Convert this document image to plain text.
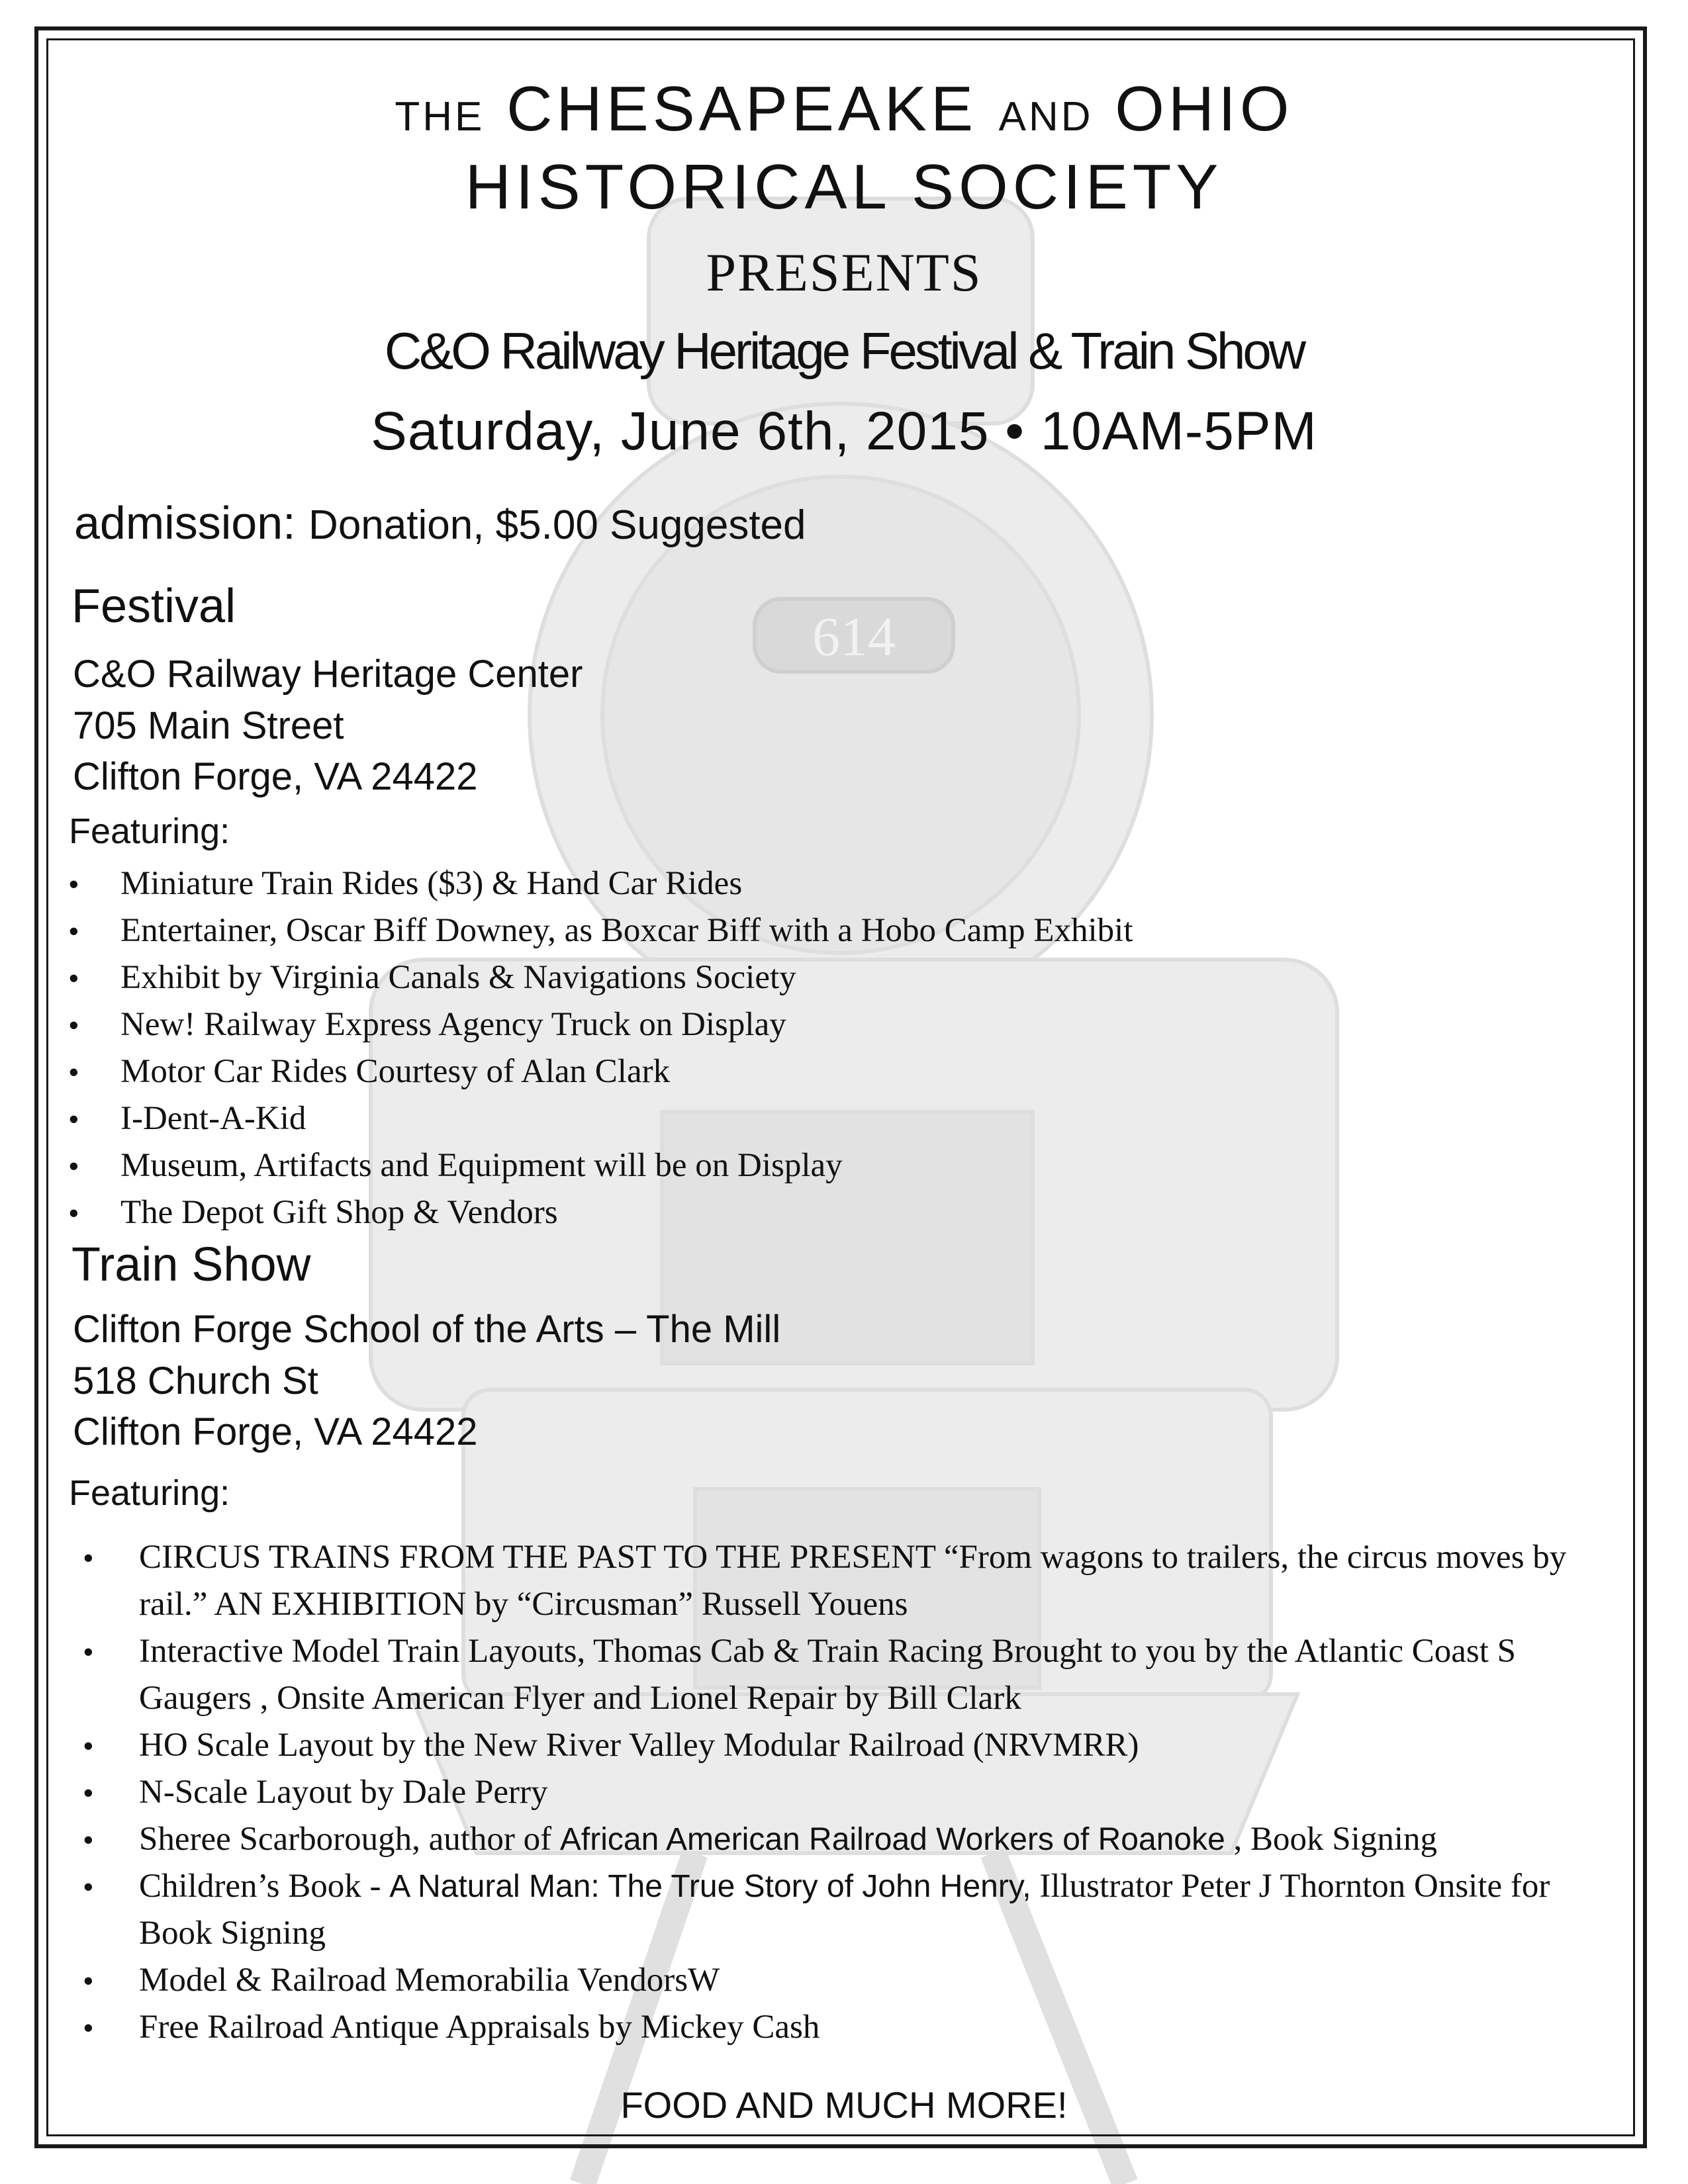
614
THE CHESAPEAKE AND OHIO
HISTORICAL SOCIETY
PRESENTS
C&O Railway Heritage Festival & Train Show
Saturday, June 6th, 2015 • 10AM-5PM
admission: Donation, $5.00 Suggested
Festival
C&O Railway Heritage Center
705 Main Street
Clifton Forge, VA 24422
Featuring:
• Miniature Train Rides ($3) & Hand Car Rides
• Entertainer, Oscar Biff Downey, as Boxcar Biff with a Hobo Camp Exhibit
• Exhibit by Virginia Canals & Navigations Society
• New! Railway Express Agency Truck on Display
• Motor Car Rides Courtesy of Alan Clark
• I-Dent-A-Kid
• Museum, Artifacts and Equipment will be on Display
• The Depot Gift Shop & Vendors
Train Show
Clifton Forge School of the Arts – The Mill
518 Church St
Clifton Forge, VA 24422
Featuring:
• CIRCUS TRAINS FROM THE PAST TO THE PRESENT “From wagons to trailers, the circus moves by rail.” AN EXHIBITION by “Circusman” Russell Youens
• Interactive Model Train Layouts, Thomas Cab & Train Racing Brought to you by the Atlantic Coast S Gaugers , Onsite American Flyer and Lionel Repair by Bill Clark
• HO Scale Layout by the New River Valley Modular Railroad (NRVMRR)
• N-Scale Layout by Dale Perry
• Sheree Scarborough, author of African American Railroad Workers of Roanoke , Book Signing
• Children’s Book - A Natural Man: The True Story of John Henry, Illustrator Peter J Thornton Onsite for Book Signing
• Model & Railroad Memorabilia VendorsW
• Free Railroad Antique Appraisals by Mickey Cash
FOOD AND MUCH MORE!
